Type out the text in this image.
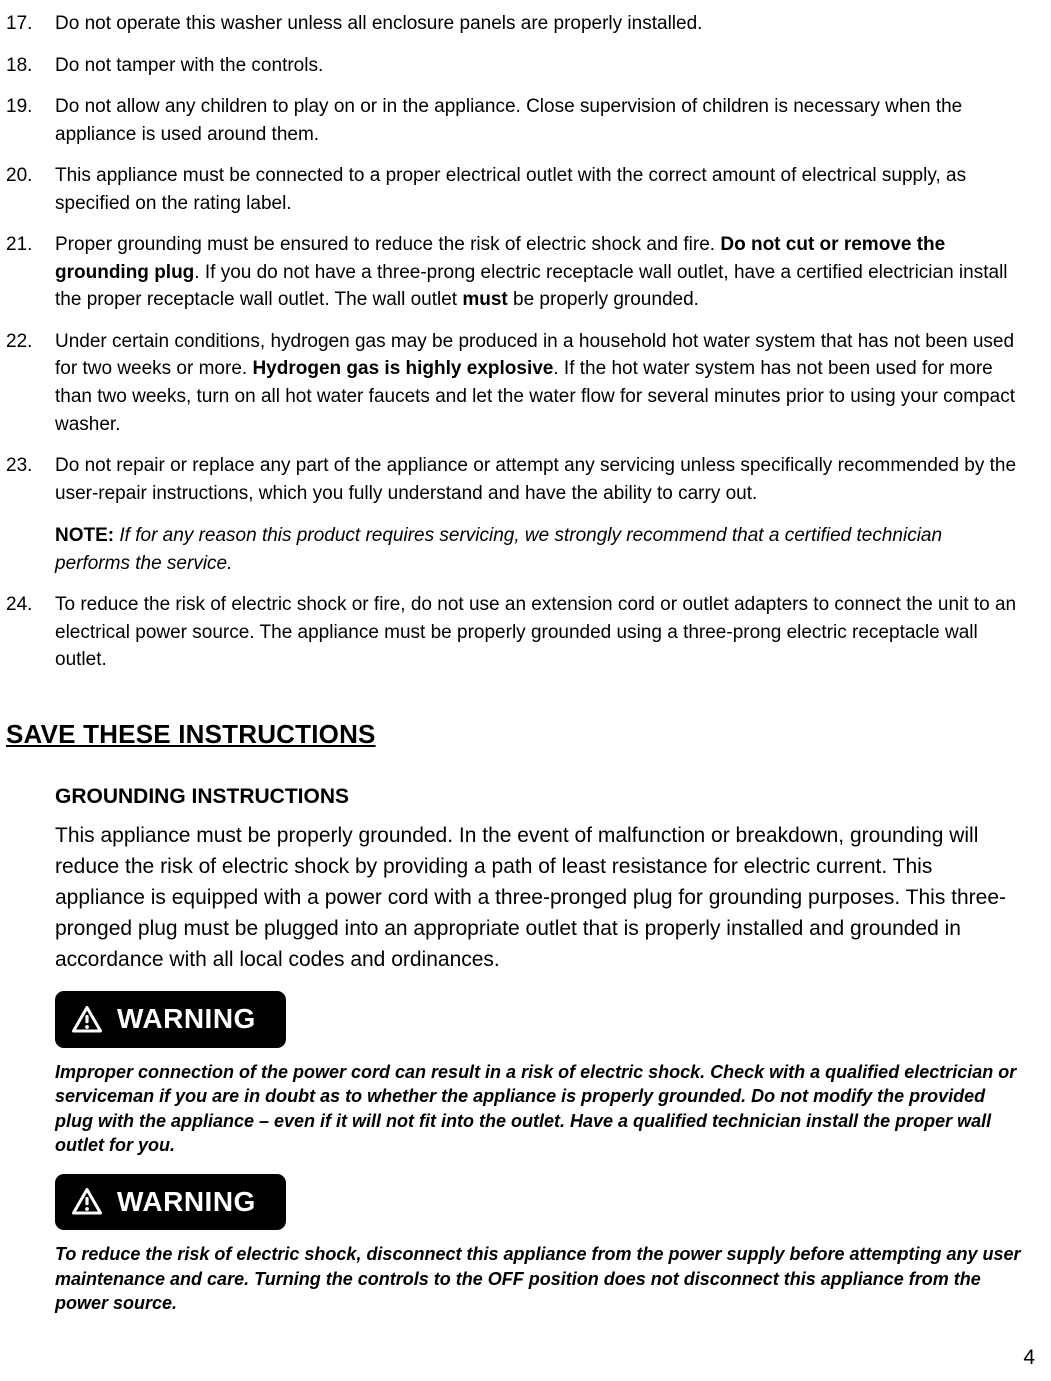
17.	Do not operate this washer unless all enclosure panels are properly installed.
18.	Do not tamper with the controls.
19.	Do not allow any children to play on or in the appliance. Close supervision of children is necessary when the appliance is used around them.
20.	This appliance must be connected to a proper electrical outlet with the correct amount of electrical supply, as specified on the rating label.
21.	Proper grounding must be ensured to reduce the risk of electric shock and fire. Do not cut or remove the grounding plug. If you do not have a three-prong electric receptacle wall outlet, have a certified electrician install the proper receptacle wall outlet. The wall outlet must be properly grounded.
22.	Under certain conditions, hydrogen gas may be produced in a household hot water system that has not been used for two weeks or more. Hydrogen gas is highly explosive. If the hot water system has not been used for more than two weeks, turn on all hot water faucets and let the water flow for several minutes prior to using your compact washer.
23.	Do not repair or replace any part of the appliance or attempt any servicing unless specifically recommended by the user-repair instructions, which you fully understand and have the ability to carry out.
NOTE: If for any reason this product requires servicing, we strongly recommend that a certified technician performs the service.
24.	To reduce the risk of electric shock or fire, do not use an extension cord or outlet adapters to connect the unit to an electrical power source. The appliance must be properly grounded using a three-prong electric receptacle wall outlet.
SAVE THESE INSTRUCTIONS
GROUNDING INSTRUCTIONS

This appliance must be properly grounded. In the event of malfunction or breakdown, grounding will reduce the risk of electric shock by providing a path of least resistance for electric current. This appliance is equipped with a power cord with a three-pronged plug for grounding purposes. This three-pronged plug must be plugged into an appropriate outlet that is properly installed and grounded in accordance with all local codes and ordinances.

WARNING

Improper connection of the power cord can result in a risk of electric shock. Check with a qualified electrician or serviceman if you are in doubt as to whether the appliance is properly grounded. Do not modify the provided plug with the appliance – even if it will not fit into the outlet. Have a qualified technician install the proper wall outlet for you.

WARNING

To reduce the risk of electric shock, disconnect this appliance from the power supply before attempting any user maintenance and care. Turning the controls to the OFF position does not disconnect this appliance from the power source.

4
